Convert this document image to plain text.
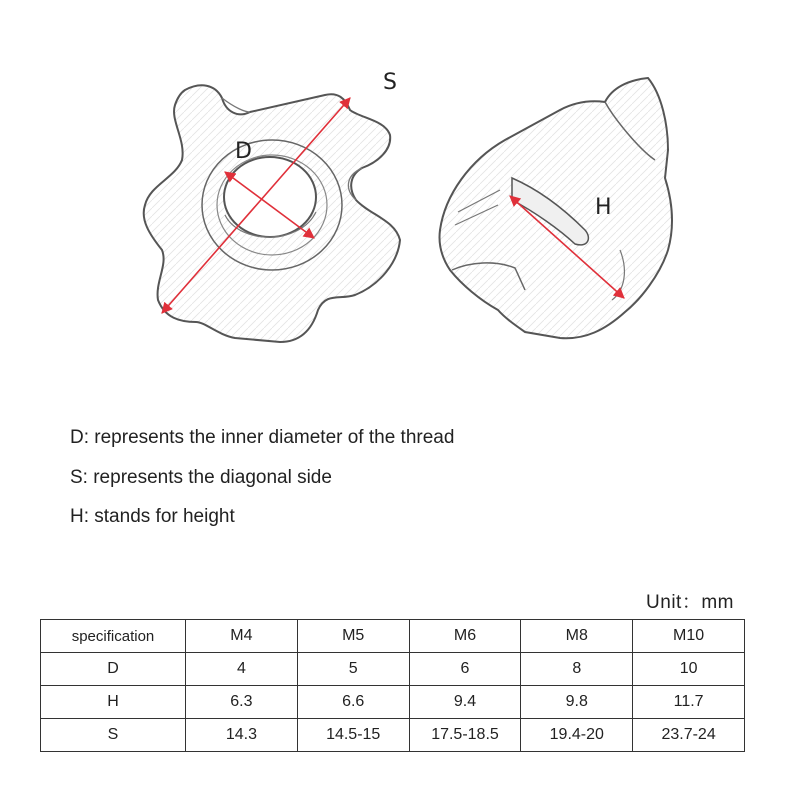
S
D
H
D: represents the inner diameter of the thread
S: represents the diagonal side
H: stands for height
Unit：mm
specification	M4	M5	M6	M8	M10
D	4	5	6	8	10
H	6.3	6.6	9.4	9.8	11.7
S	14.3	14.5-15	17.5-18.5	19.4-20	23.7-24
